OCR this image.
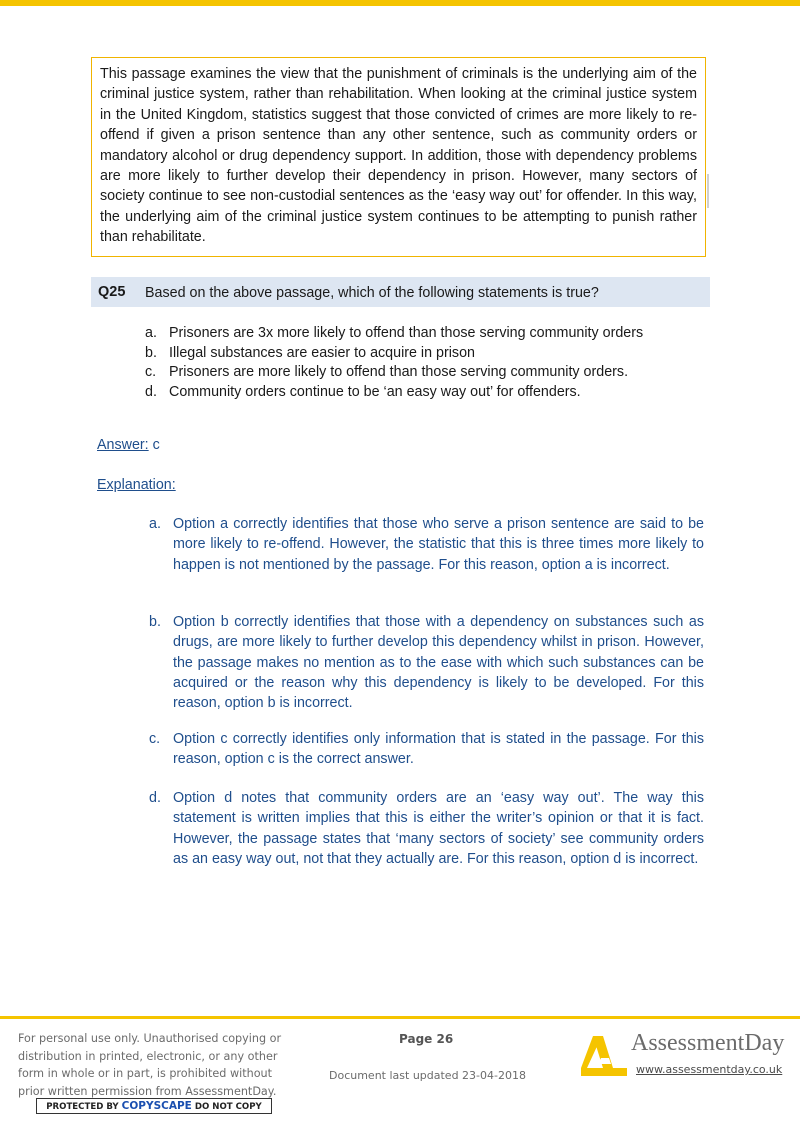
This passage examines the view that the punishment of criminals is the underlying aim of the criminal justice system, rather than rehabilitation. When looking at the criminal justice system in the United Kingdom, statistics suggest that those convicted of crimes are more likely to re-offend if given a prison sentence than any other sentence, such as community orders or mandatory alcohol or drug dependency support. In addition, those with dependency problems are more likely to further develop their dependency in prison. However, many sectors of society continue to see non-custodial sentences as the ‘easy way out’ for offender. In this way, the underlying aim of the criminal justice system continues to be attempting to punish rather than rehabilitate.
Q25 Based on the above passage, which of the following statements is true?
a. Prisoners are 3x more likely to offend than those serving community orders
b. Illegal substances are easier to acquire in prison
c. Prisoners are more likely to offend than those serving community orders.
d. Community orders continue to be ‘an easy way out’ for offenders.
Answer: c
Explanation:
a. Option a correctly identifies that those who serve a prison sentence are said to be more likely to re-offend. However, the statistic that this is three times more likely to happen is not mentioned by the passage. For this reason, option a is incorrect.
b. Option b correctly identifies that those with a dependency on substances such as drugs, are more likely to further develop this dependency whilst in prison. However, the passage makes no mention as to the ease with which such substances can be acquired or the reason why this dependency is likely to be developed. For this reason, option b is incorrect.
c. Option c correctly identifies only information that is stated in the passage. For this reason, option c is the correct answer.
d. Option d notes that community orders are an ‘easy way out’. The way this statement is written implies that this is either the writer’s opinion or that it is fact. However, the passage states that ‘many sectors of society’ see community orders as an easy way out, not that they actually are. For this reason, option d is incorrect.
For personal use only. Unauthorised copying or distribution in printed, electronic, or any other form in whole or in part, is prohibited without prior written permission from AssessmentDay.
PROTECTED BY COPYSCAPE DO NOT COPY
Page 26
Document last updated 23-04-2018
AssessmentDay
www.assessmentday.co.uk
